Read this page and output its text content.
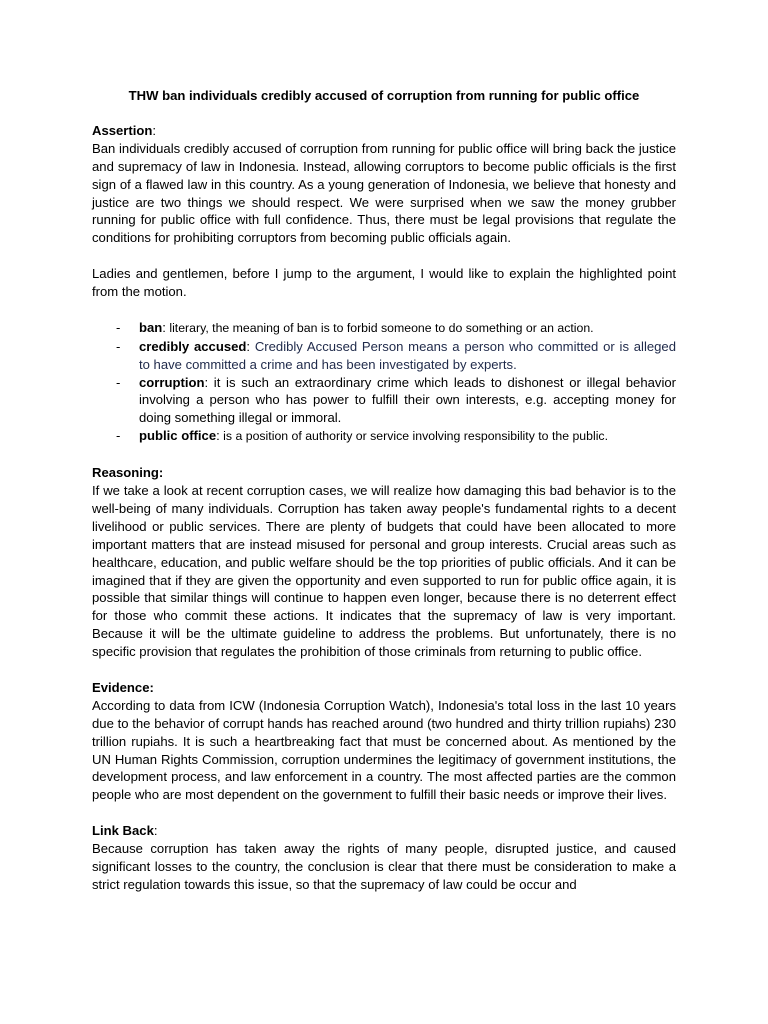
THW ban individuals credibly accused of corruption from running for public office
Assertion:

Ban individuals credibly accused of corruption from running for public office will bring back the justice and supremacy of law in Indonesia. Instead, allowing corruptors to become public officials is the first sign of a flawed law in this country. As a young generation of Indonesia, we believe that honesty and justice are two things we should respect. We were surprised when we saw the money grubber running for public office with full confidence. Thus, there must be legal provisions that regulate the conditions for prohibiting corruptors from becoming public officials again.

Ladies and gentlemen, before I jump to the argument, I would like to explain the highlighted point from the motion.

- ban: literary, the meaning of ban is to forbid someone to do something or an action.
- credibly accused: Credibly Accused Person means a person who committed or is alleged to have committed a crime and has been investigated by experts.
- corruption: it is such an extraordinary crime which leads to dishonest or illegal behavior involving a person who has power to fulfill their own interests, e.g. accepting money for doing something illegal or immoral.
- public office: is a position of authority or service involving responsibility to the public.
Reasoning:

If we take a look at recent corruption cases, we will realize how damaging this bad behavior is to the well-being of many individuals. Corruption has taken away people's fundamental rights to a decent livelihood or public services. There are plenty of budgets that could have been allocated to more important matters that are instead misused for personal and group interests. Crucial areas such as healthcare, education, and public welfare should be the top priorities of public officials. And it can be imagined that if they are given the opportunity and even supported to run for public office again, it is possible that similar things will continue to happen even longer, because there is no deterrent effect for those who commit these actions. It indicates that the supremacy of law is very important. Because it will be the ultimate guideline to address the problems. But unfortunately, there is no specific provision that regulates the prohibition of those criminals from returning to public office.

Evidence:

According to data from ICW (Indonesia Corruption Watch), Indonesia's total loss in the last 10 years due to the behavior of corrupt hands has reached around (two hundred and thirty trillion rupiahs) 230 trillion rupiahs. It is such a heartbreaking fact that must be concerned about. As mentioned by the UN Human Rights Commission, corruption undermines the legitimacy of government institutions, the development process, and law enforcement in a country. The most affected parties are the common people who are most dependent on the government to fulfill their basic needs or improve their lives.

Link Back:

Because corruption has taken away the rights of many people, disrupted justice, and caused significant losses to the country, the conclusion is clear that there must be consideration to make a strict regulation towards this issue, so that the supremacy of law could be occur and
